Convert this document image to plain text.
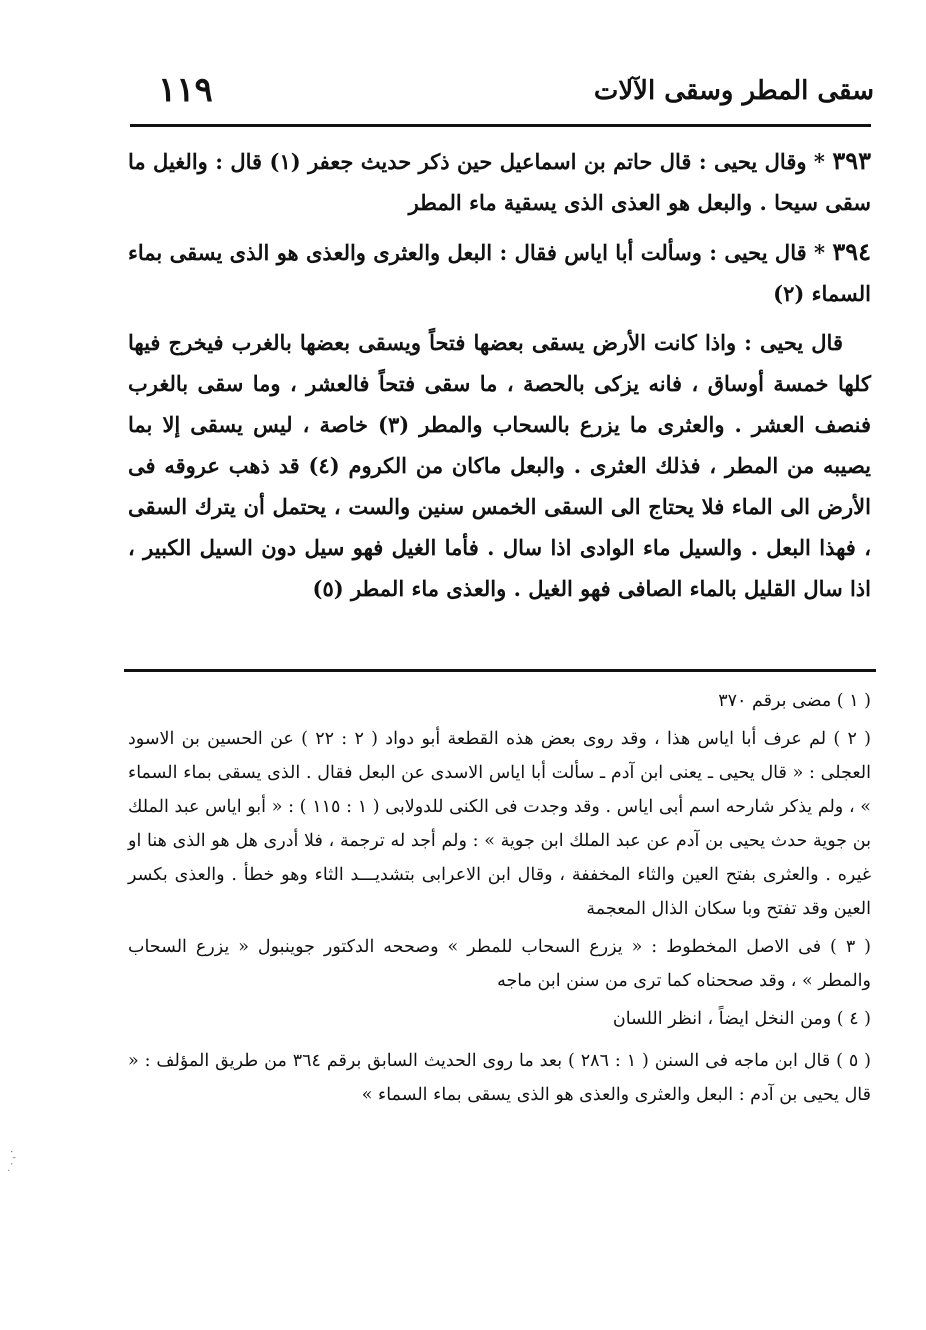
سقى المطر وسقى الآلات
١١٩

٣٩٣ * وقال يحيى : قال حاتم بن اسماعيل حين ذكر حديث جعفر (١) قال : والغيل ما سقى سيحا . والبعل هو العذى الذى يسقية ماء المطر

٣٩٤ * قال يحيى : وسألت أبا اياس فقال : البعل والعثرى والعذى هو الذى يسقى بماء السماء (٢)

قال يحيى : واذا كانت الأرض يسقى بعضها فتحاً ويسقى بعضها بالغرب فيخرج فيها كلها خمسة أوساق ، فانه يزكى بالحصة ، ما سقى فتحاً فالعشر ، وما سقى بالغرب فنصف العشر . والعثرى ما يزرع بالسحاب والمطر (٣) خاصة ، ليس يسقى إلا بما يصيبه من المطر ، فذلك العثرى . والبعل ماكان من الكروم (٤) قد ذهب عروقه فى الأرض الى الماء فلا يحتاج الى السقى الخمس سنين والست ، يحتمل أن يترك السقى ، فهذا البعل . والسيل ماء الوادى اذا سال . فأما الغيل فهو سيل دون السيل الكبير ، اذا سال القليل بالماء الصافى فهو الغيل . والعذى ماء المطر (٥)

( ١ ) مضى برقم ٣٧٠

( ٢ ) لم عرف أبا اياس هذا ، وقد روى بعض هذه القطعة أبو دواد ( ٢ : ٢٢ ) عن الحسين بن الاسود العجلى : « قال يحيى ـ يعنى ابن آدم ـ سألت أبا اياس الاسدى عن البعل فقال . الذى يسقى بماء السماء » ، ولم يذكر شارحه اسم أبى اياس . وقد وجدت فى الكنى للدولابى ( ١ : ١١٥ ) : « أبو اياس عبد الملك بن جوية حدث يحيى بن آدم عن عبد الملك ابن جوية » : ولم أجد له ترجمة ، فلا أدرى هل هو الذى هنا او غيره . والعثرى بفتح العين والثاء المخففة ، وقال ابن الاعرابى بتشديـــد الثاء وهو خطأ . والعذى بكسر العين وقد تفتح وبا سكان الذال المعجمة

( ٣ ) فى الاصل المخطوط : « يزرع السحاب للمطر » وصححه الدكتور جوينبول « يزرع السحاب والمطر » ، وقد صححناه كما ترى من سنن ابن ماجه

( ٤ ) ومن النخل ايضاً ، انظر اللسان

( ٥ ) قال ابن ماجه فى السنن ( ١ : ٢٨٦ ) بعد ما روى الحديث السابق برقم ٣٦٤ من طريق المؤلف : « قال يحيى بن آدم : البعل والعثرى والعذى هو الذى يسقى بماء السماء »

· ' · .
